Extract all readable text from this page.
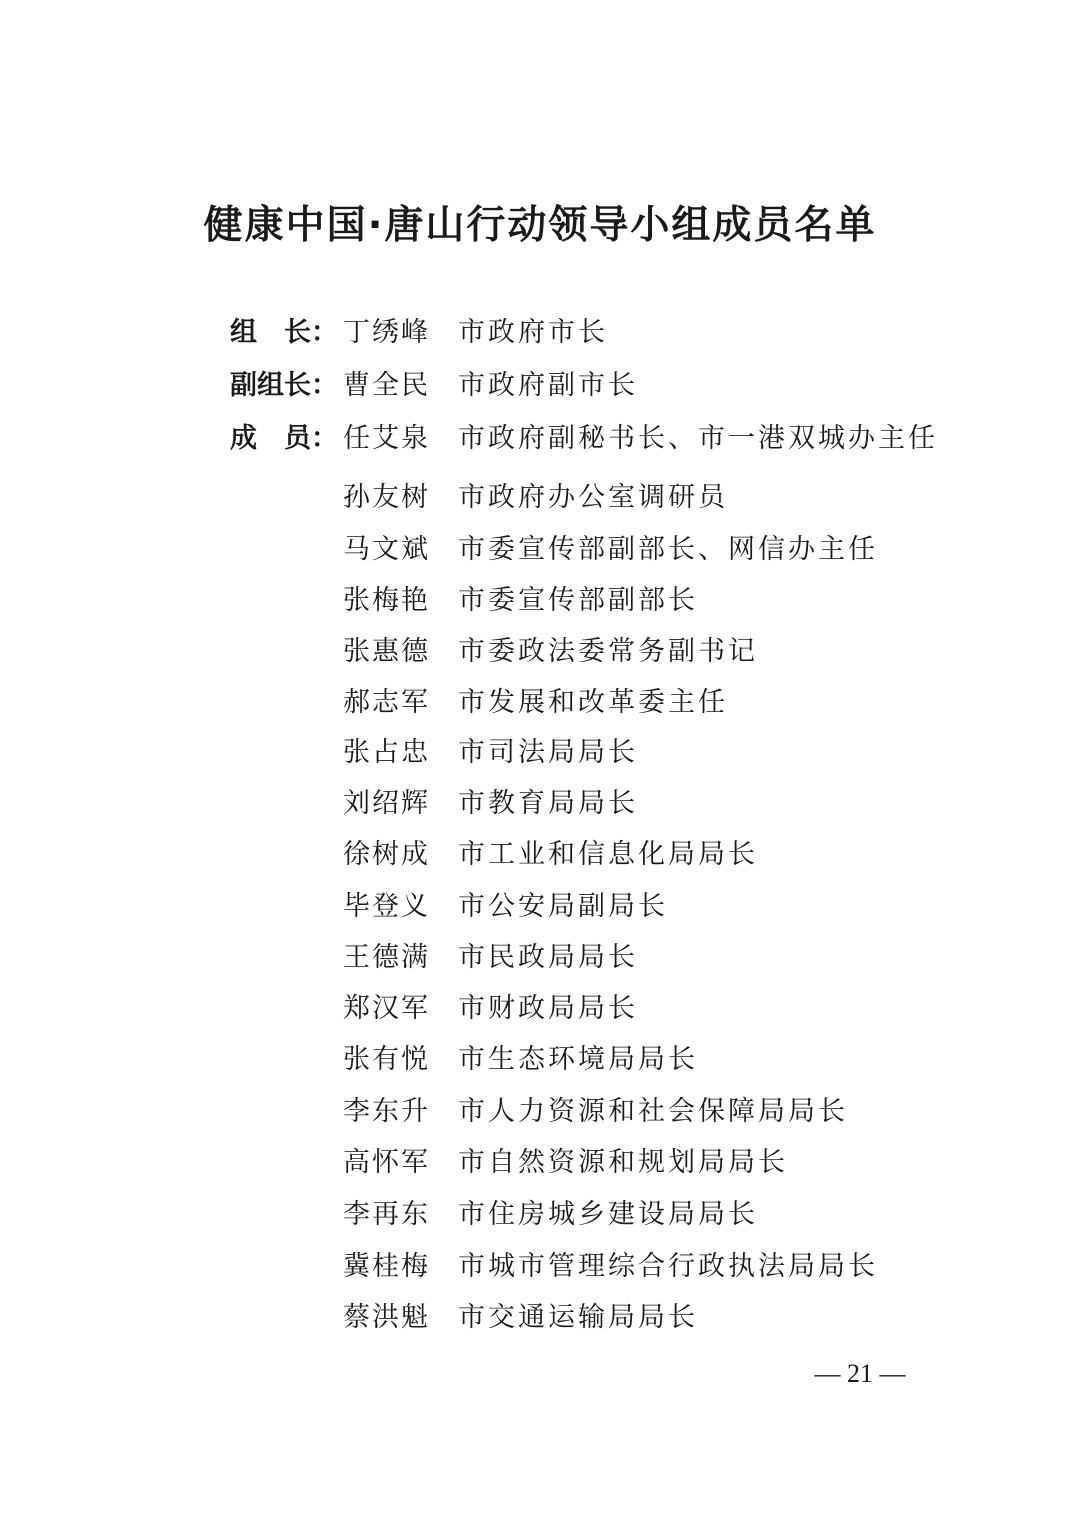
健康中国·唐山行动领导小组成员名单
组　长： 丁绣峰 市政府市长
副组长： 曹全民 市政府副市长
成　员： 任艾泉 市政府副秘书长、市一港双城办主任
孙友树 市政府办公室调研员
马文斌 市委宣传部副部长、网信办主任
张梅艳 市委宣传部副部长
张惠德 市委政法委常务副书记
郝志军 市发展和改革委主任
张占忠 市司法局局长
刘绍辉 市教育局局长
徐树成 市工业和信息化局局长
毕登义 市公安局副局长
王德满 市民政局局长
郑汉军 市财政局局长
张有悦 市生态环境局局长
李东升 市人力资源和社会保障局局长
高怀军 市自然资源和规划局局长
李再东 市住房城乡建设局局长
冀桂梅 市城市管理综合行政执法局局长
蔡洪魁 市交通运输局局长
— 21 —
